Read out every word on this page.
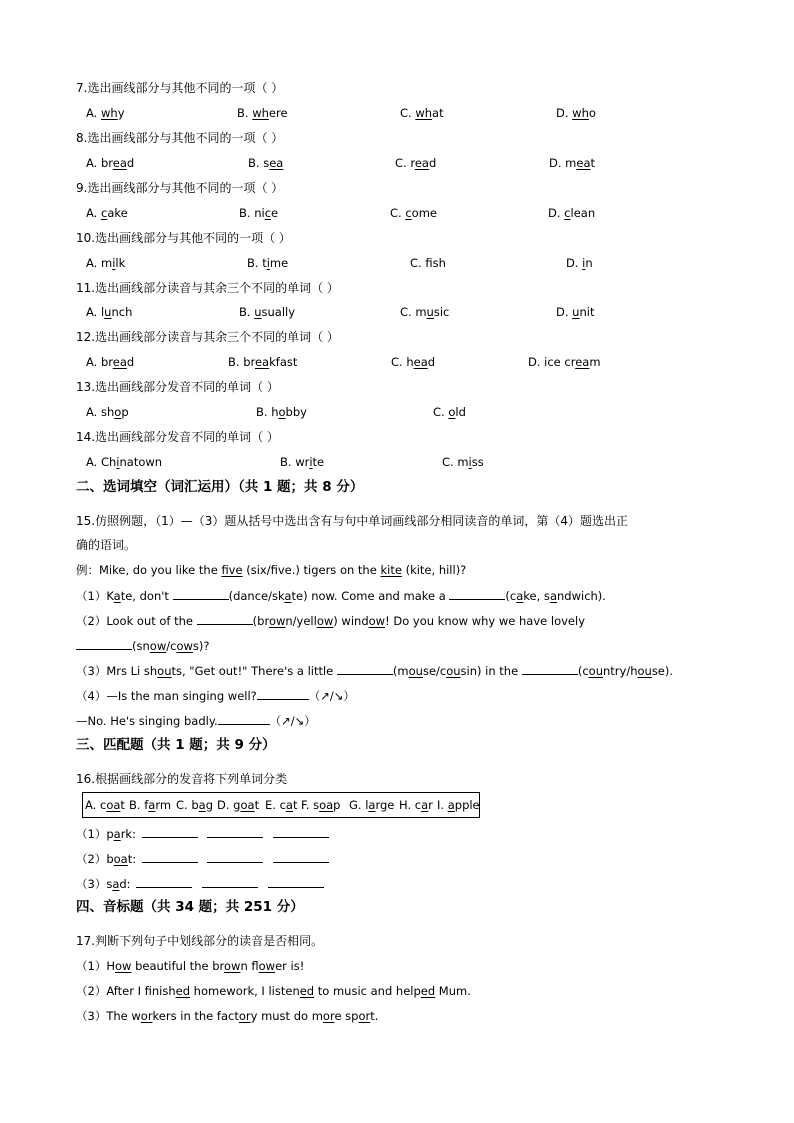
7.选出画线部分与其他不同的一项（ ）
A. why	B. where	C. what	D. who
8.选出画线部分与其他不同的一项（ ）
A. bread	B. sea	C. read	D. meat
9.选出画线部分与其他不同的一项（ ）
A. cake	B. nice	C. come	D. clean
10.选出画线部分与其他不同的一项（ ）
A. milk	B. time	C. fsh	D. in
11.选出画线部分读音与其余三个不同的单词（ ）
A. lunch	B. usually	C. music	D. unit
12.选出画线部分读音与其余三个不同的单词（ ）
A. bread	B. breakfast	C. head	D. ice cream
13.选出画线部分发音不同的单词（ ）
A. shop	B. hobby	C. old
14.选出画线部分发音不同的单词（ ）
A. Chinatown	B. write	C. miss
二、选词填空（词汇运用）（共 1 题；共 8 分）
15.仿照例题，（1）—（3）题从括号中选出含有与句中单词画线部分相同读音的单词，第（4）题选出正
确的语词。
例：Mike, do you like the five (six/five.) tigers on the kite (kite, hill)?
（1）Kate, don't	(dance/skate) now. Come and make a	(cake, sandwich).
（2）Look out of the	(brown/yellow) window! Do you know why we have lovely
(snow/cows)?
（3）Mrs Li shouts, "Get out!" There's a little	(mouse/cousin) in the	(country/house).
（4）—Is the man singing well?	（↗/↘）
—No. He's singing badly.	（↗/↘）
三、匹配题（共 1 题；共 9 分）
16.根据画线部分的发音将下列单词分类
A. coat B. farm C. bag D. goat E. cat F. soap G. large H. car I. apple
（1）park:
（2）boat:
（3）sad:
四、音标题（共 34 题；共 251 分）
17.判断下列句子中划线部分的读音是否相同。
（1）How beautiful the brown flower is!
（2）After I finished homework, I listened to music and helped Mum.
（3）The workers in the factory must do more sport.
